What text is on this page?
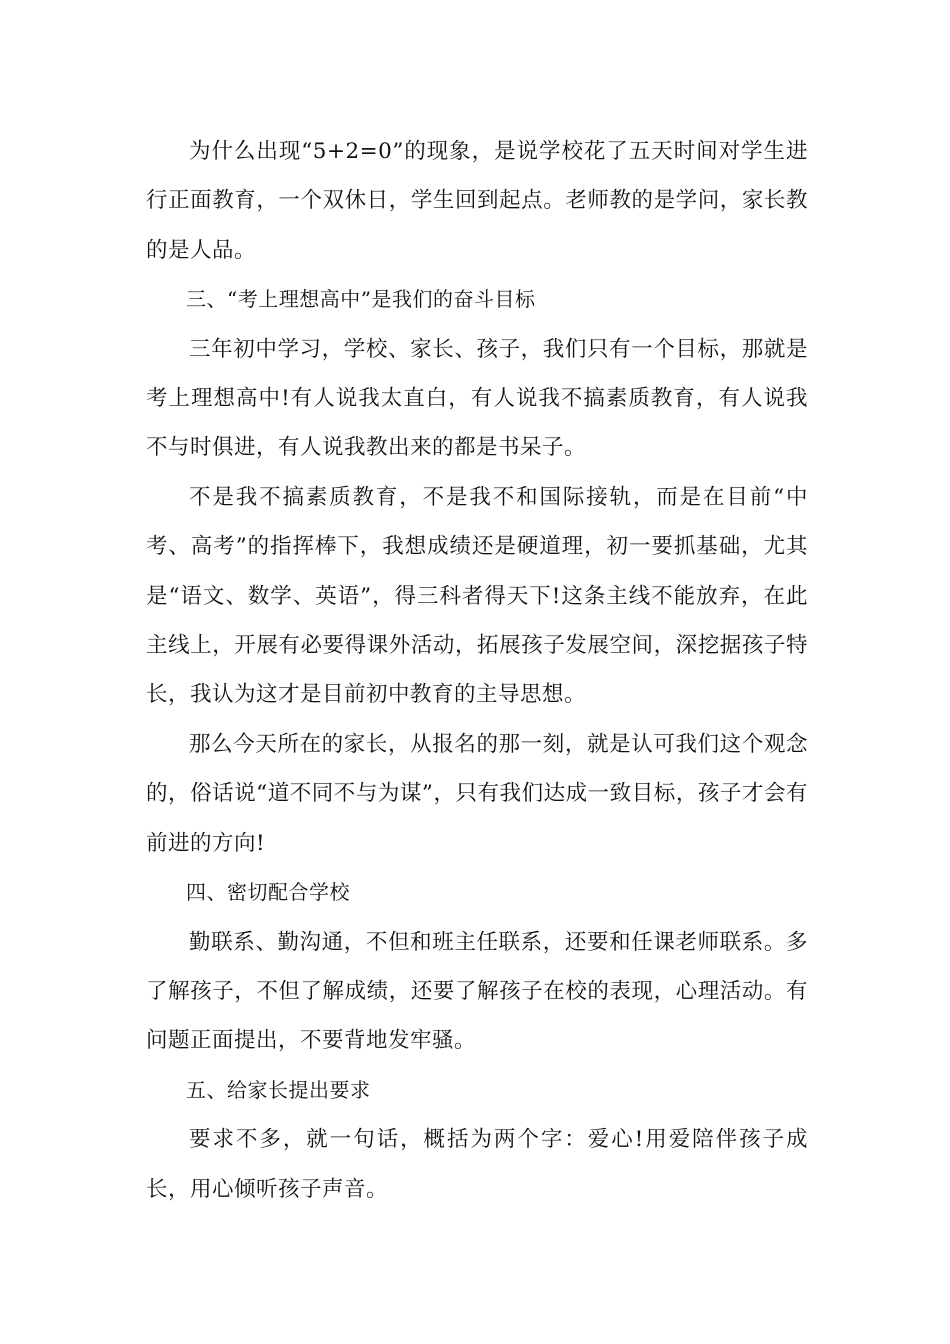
为什么出现“5+2=0”的现象，是说学校花了五天时间对学生进行正面教育，一个双休日，学生回到起点。老师教的是学问，家长教的是人品。

三、“考上理想高中”是我们的奋斗目标

三年初中学习，学校、家长、孩子，我们只有一个目标，那就是考上理想高中!有人说我太直白，有人说我不搞素质教育，有人说我不与时俱进，有人说我教出来的都是书呆子。

不是我不搞素质教育，不是我不和国际接轨，而是在目前“中考、高考”的指挥棒下，我想成绩还是硬道理，初一要抓基础，尤其是“语文、数学、英语”，得三科者得天下!这条主线不能放弃，在此主线上，开展有必要得课外活动，拓展孩子发展空间，深挖据孩子特长，我认为这才是目前初中教育的主导思想。

那么今天所在的家长，从报名的那一刻，就是认可我们这个观念的，俗话说“道不同不与为谋”，只有我们达成一致目标，孩子才会有前进的方向!

四、密切配合学校

勤联系、勤沟通，不但和班主任联系，还要和任课老师联系。多了解孩子，不但了解成绩，还要了解孩子在校的表现，心理活动。有问题正面提出，不要背地发牢骚。

五、给家长提出要求

要求不多，就一句话，概括为两个字：爱心!用爱陪伴孩子成长，用心倾听孩子声音。
